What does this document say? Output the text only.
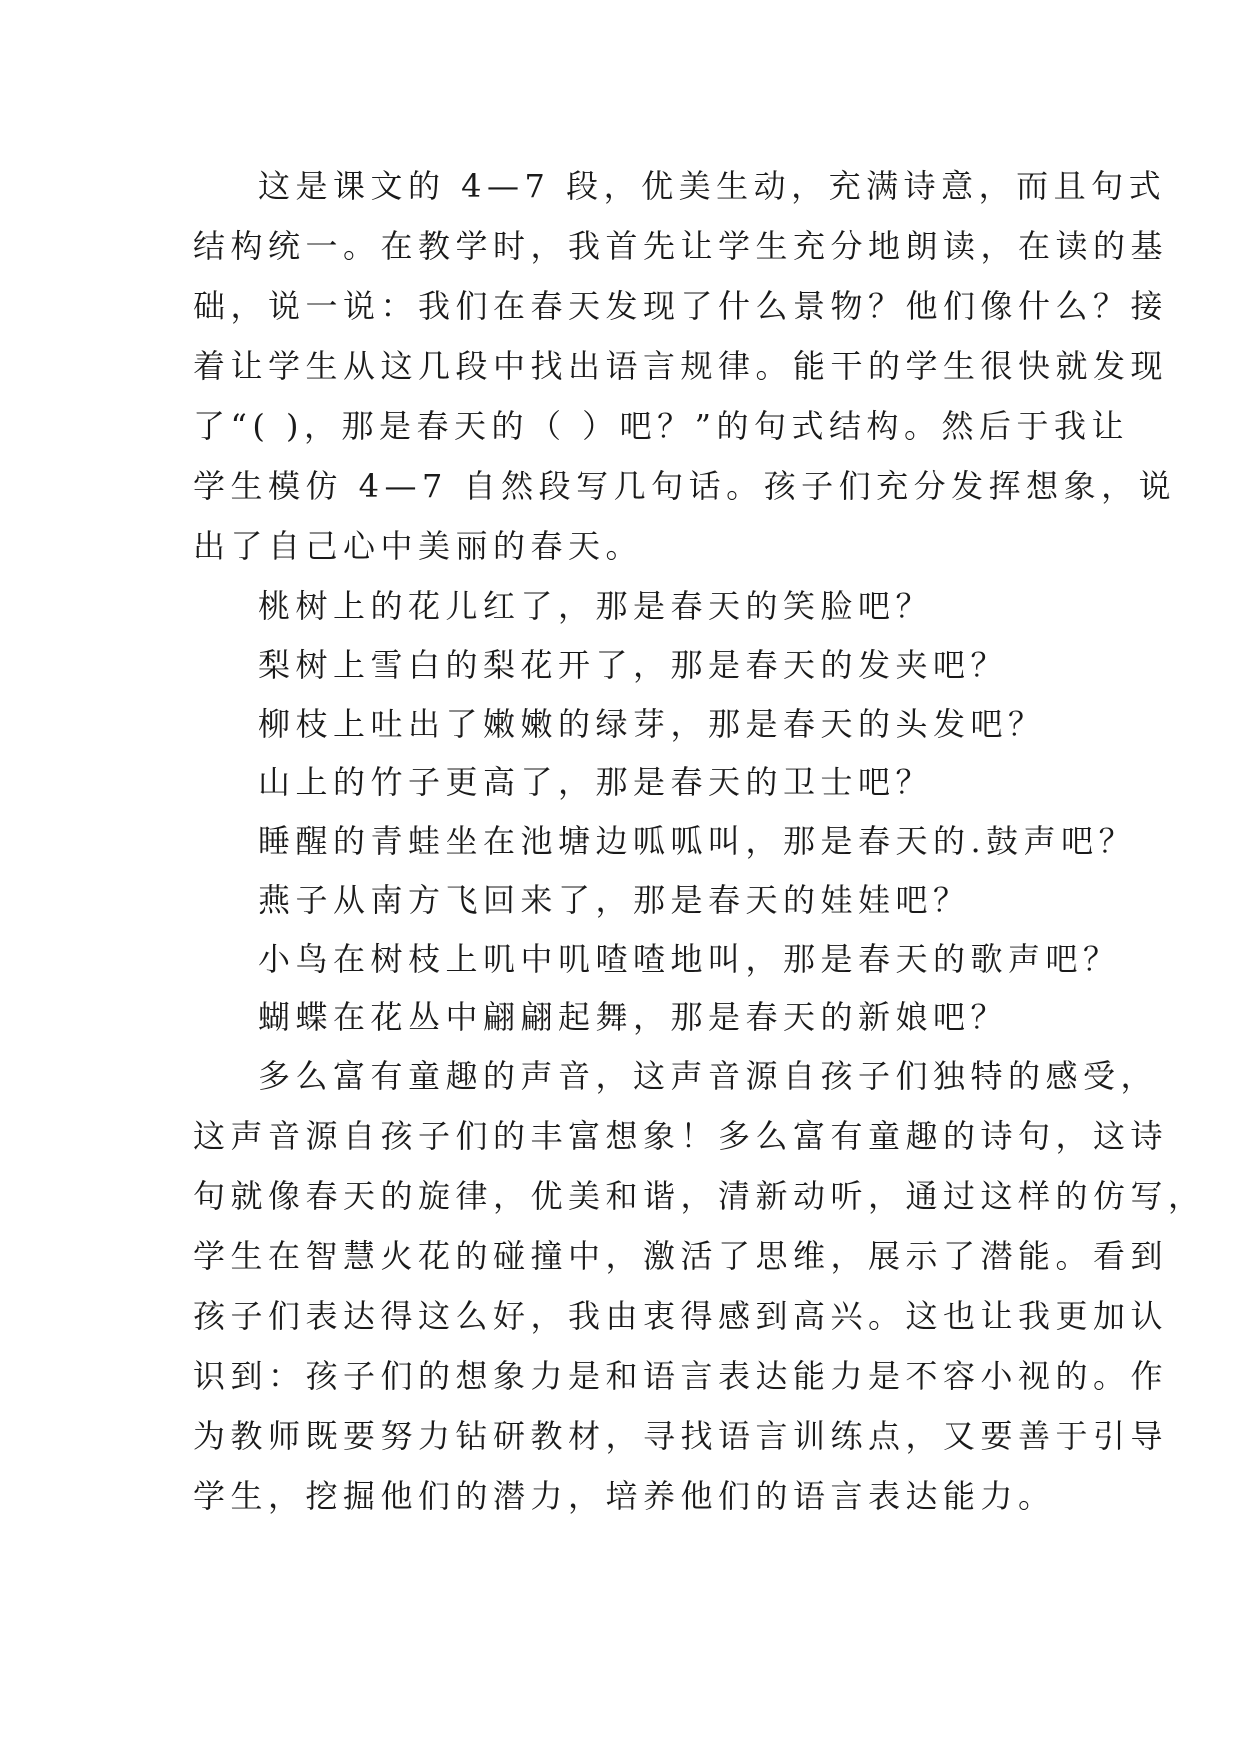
这是课文的 4—7 段，优美生动，充满诗意，而且句式
结构统一。在教学时，我首先让学生充分地朗读，在读的基
础，说一说：我们在春天发现了什么景物？他们像什么？接
着让学生从这几段中找出语言规律。能干的学生很快就发现
了“( )，那是春天的（ ）吧？”的句式结构。然后于我让
学生模仿 4—7 自然段写几句话。孩子们充分发挥想象，说
出了自己心中美丽的春天。
桃树上的花儿红了，那是春天的笑脸吧？
梨树上雪白的梨花开了，那是春天的发夹吧？
柳枝上吐出了嫩嫩的绿芽，那是春天的头发吧？
山上的竹子更高了，那是春天的卫士吧？
睡醒的青蛙坐在池塘边呱呱叫，那是春天的.鼓声吧？
燕子从南方飞回来了，那是春天的娃娃吧？
小鸟在树枝上叽中叽喳喳地叫，那是春天的歌声吧？
蝴蝶在花丛中翩翩起舞，那是春天的新娘吧？
多么富有童趣的声音，这声音源自孩子们独特的感受，
这声音源自孩子们的丰富想象！多么富有童趣的诗句，这诗
句就像春天的旋律，优美和谐，清新动听，通过这样的仿写，
学生在智慧火花的碰撞中，激活了思维，展示了潜能。看到
孩子们表达得这么好，我由衷得感到高兴。这也让我更加认
识到：孩子们的想象力是和语言表达能力是不容小视的。作
为教师既要努力钻研教材，寻找语言训练点，又要善于引导
学生，挖掘他们的潜力，培养他们的语言表达能力。
